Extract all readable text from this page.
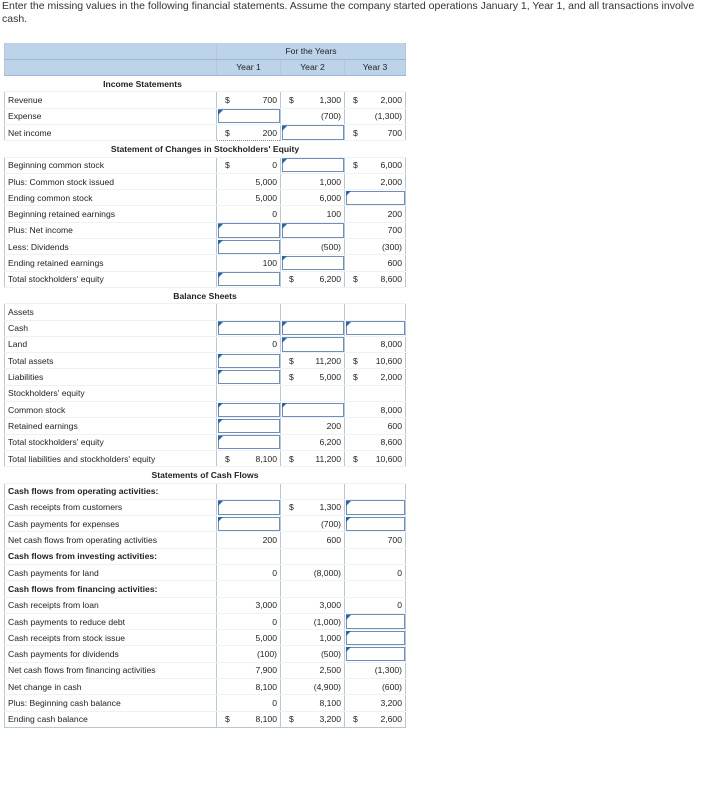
Enter the missing values in the following financial statements. Assume the company started operations January 1, Year 1, and all transactions involve cash.
	For the Years		
	Year 1	Year 2	Year 3
Income Statements			
Revenue	$ 700	$ 1,300	$ 2,000
Expense		(700)	(1,300)
Net income	$ 200		$ 700
Statement of Changes in Stockholders' Equity			
Beginning common stock	$ 0		$ 6,000
Plus: Common stock issued	5,000	1,000	2,000
Ending common stock	5,000	6,000	
Beginning retained earnings	0	100	200
Plus: Net income			700
Less: Dividends		(500)	(300)
Ending retained earnings	100		600
Total stockholders' equity		$ 6,200	$ 8,600
Balance Sheets			
Assets			
Cash			
Land	0		8,000
Total assets		$ 11,200	$ 10,600
Liabilities		$ 5,000	$ 2,000
Stockholders' equity			
Common stock			8,000
Retained earnings		200	600
Total stockholders' equity		6,200	8,600
Total liabilities and stockholders' equity	$ 8,100	$ 11,200	$ 10,600
Statements of Cash Flows			
Cash flows from operating activities:			
Cash receipts from customers		$ 1,300	
Cash payments for expenses		(700)	
Net cash flows from operating activities	200	600	700
Cash flows from investing activities:			
Cash payments for land	0	(8,000)	0
Cash flows from financing activities:			
Cash receipts from loan	3,000	3,000	0
Cash payments to reduce debt	0	(1,000)	
Cash receipts from stock issue	5,000	1,000	
Cash payments for dividends	(100)	(500)	
Net cash flows from financing activities	7,900	2,500	(1,300)
Net change in cash	8,100	(4,900)	(600)
Plus: Beginning cash balance	0	8,100	3,200
Ending cash balance	$ 8,100	$ 3,200	$ 2,600
